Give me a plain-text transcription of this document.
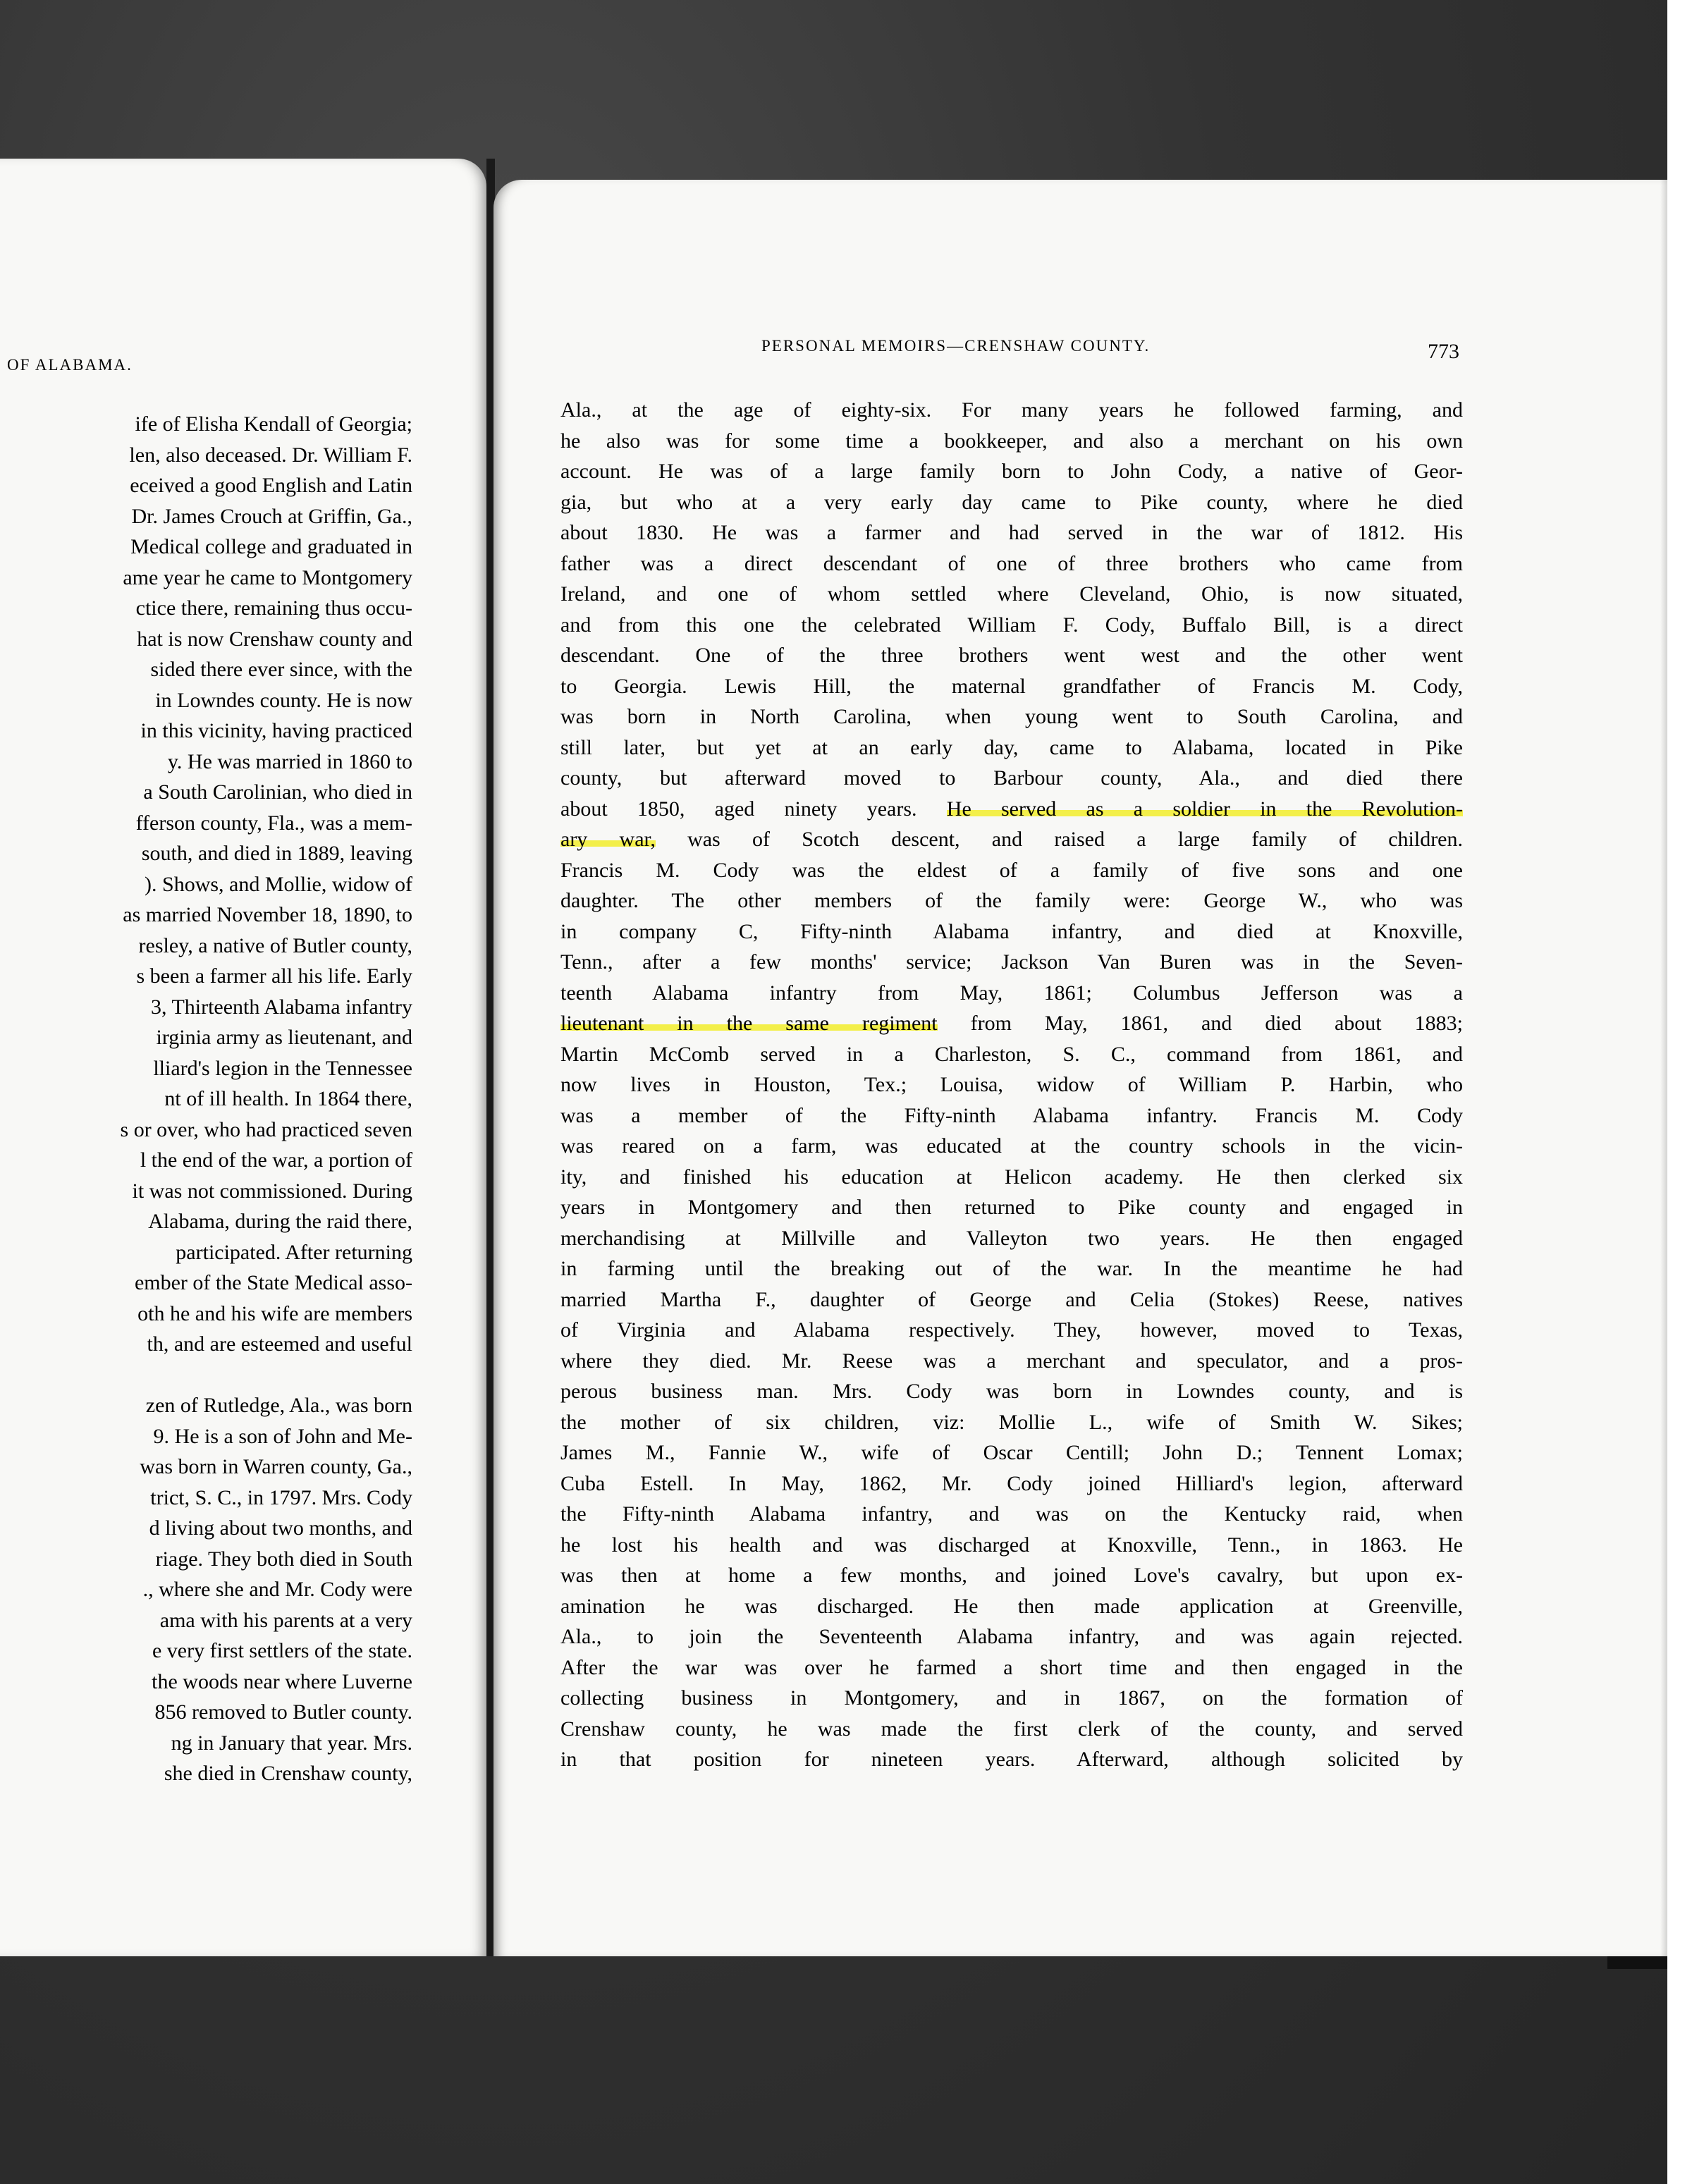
OF ALABAMA.
ife of Elisha Kendall of Georgia;
len, also deceased. Dr. William F.
eceived a good English and Latin
Dr. James Crouch at Griffin, Ga.,
Medical college and graduated in
ame year he came to Montgomery
ctice there, remaining thus occu-
hat is now Crenshaw county and
sided there ever since, with the
in Lowndes county. He is now
in this vicinity, having practiced
y. He was married in 1860 to
a South Carolinian, who died in
fferson county, Fla., was a mem-
south, and died in 1889, leaving
). Shows, and Mollie, widow of
as married November 18, 1890, to
resley, a native of Butler county,
s been a farmer all his life. Early
3, Thirteenth Alabama infantry
irginia army as lieutenant, and
lliard's legion in the Tennessee
nt of ill health. In 1864 there,
s or over, who had practiced seven
l the end of the war, a portion of
it was not commissioned. During
Alabama, during the raid there,
participated. After returning
ember of the State Medical asso-
oth he and his wife are members
th, and are esteemed and useful
zen of Rutledge, Ala., was born
9. He is a son of John and Me-
was born in Warren county, Ga.,
trict, S. C., in 1797. Mrs. Cody
d living about two months, and
riage. They both died in South
., where she and Mr. Cody were
ama with his parents at a very
e very first settlers of the state.
the woods near where Luverne
856 removed to Butler county.
ng in January that year. Mrs.
she died in Crenshaw county,
PERSONAL MEMOIRS—CRENSHAW COUNTY.	773
Ala., at the age of eighty-six. For many years he followed farming, and
he also was for some time a bookkeeper, and also a merchant on his own
account. He was of a large family born to John Cody, a native of Geor-
gia, but who at a very early day came to Pike county, where he died
about 1830. He was a farmer and had served in the war of 1812. His
father was a direct descendant of one of three brothers who came from
Ireland, and one of whom settled where Cleveland, Ohio, is now situated,
and from this one the celebrated William F. Cody, Buffalo Bill, is a direct
descendant. One of the three brothers went west and the other went
to Georgia. Lewis Hill, the maternal grandfather of Francis M. Cody,
was born in North Carolina, when young went to South Carolina, and
still later, but yet at an early day, came to Alabama, located in Pike
county, but afterward moved to Barbour county, Ala., and died there
about 1850, aged ninety years. He served as a soldier in the Revolution-
ary war, was of Scotch descent, and raised a large family of children.
Francis M. Cody was the eldest of a family of five sons and one
daughter. The other members of the family were: George W., who was
in company C, Fifty-ninth Alabama infantry, and died at Knoxville,
Tenn., after a few months' service; Jackson Van Buren was in the Seven-
teenth Alabama infantry from May, 1861; Columbus Jefferson was a
lieutenant in the same regiment from May, 1861, and died about 1883;
Martin McComb served in a Charleston, S. C., command from 1861, and
now lives in Houston, Tex.; Louisa, widow of William P. Harbin, who
was a member of the Fifty-ninth Alabama infantry. Francis M. Cody
was reared on a farm, was educated at the country schools in the vicin-
ity, and finished his education at Helicon academy. He then clerked six
years in Montgomery and then returned to Pike county and engaged in
merchandising at Millville and Valleyton two years. He then engaged
in farming until the breaking out of the war. In the meantime he had
married Martha F., daughter of George and Celia (Stokes) Reese, natives
of Virginia and Alabama respectively. They, however, moved to Texas,
where they died. Mr. Reese was a merchant and speculator, and a pros-
perous business man. Mrs. Cody was born in Lowndes county, and is
the mother of six children, viz: Mollie L., wife of Smith W. Sikes;
James M., Fannie W., wife of Oscar Centill; John D.; Tennent Lomax;
Cuba Estell. In May, 1862, Mr. Cody joined Hilliard's legion, afterward
the Fifty-ninth Alabama infantry, and was on the Kentucky raid, when
he lost his health and was discharged at Knoxville, Tenn., in 1863. He
was then at home a few months, and joined Love's cavalry, but upon ex-
amination he was discharged. He then made application at Greenville,
Ala., to join the Seventeenth Alabama infantry, and was again rejected.
After the war was over he farmed a short time and then engaged in the
collecting business in Montgomery, and in 1867, on the formation of
Crenshaw county, he was made the first clerk of the county, and served
in that position for nineteen years. Afterward, although solicited by
